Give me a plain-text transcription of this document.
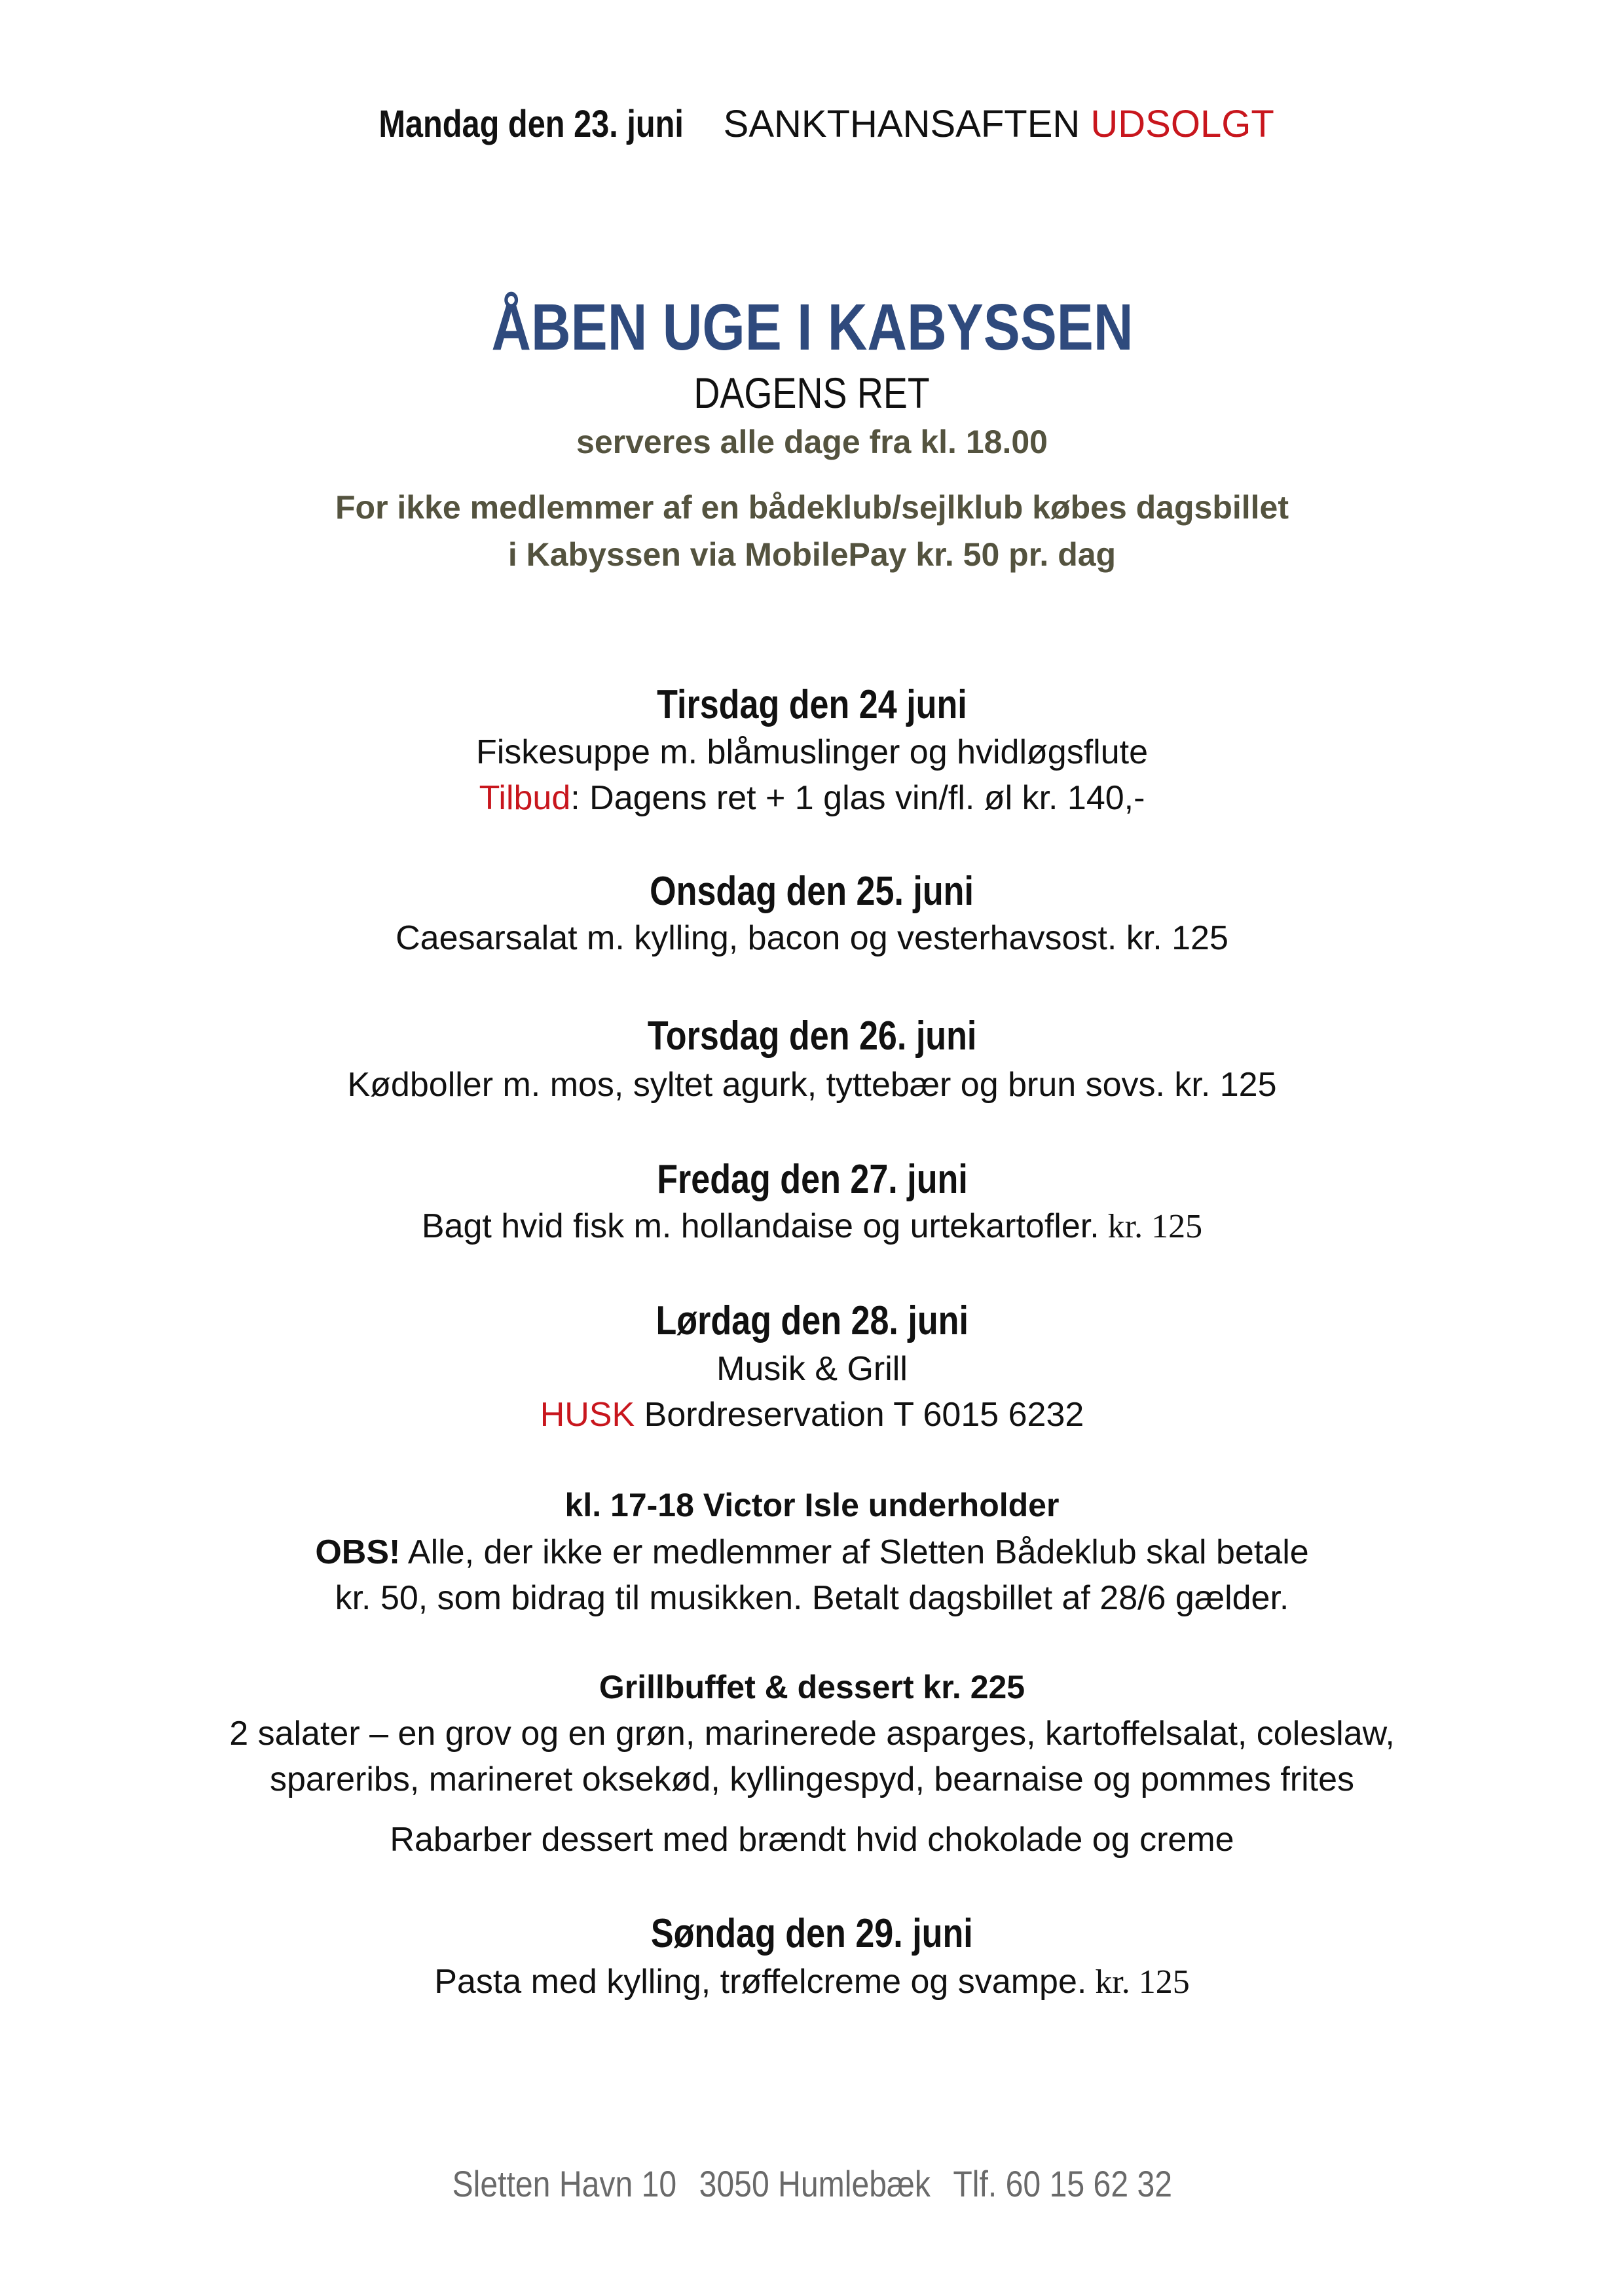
Mandag den 23. juni SANKTHANSAFTEN UDSOLGT
ÅBEN UGE I KABYSSEN
DAGENS RET
serveres alle dage fra kl. 18.00
For ikke medlemmer af en bådeklub/sejlklub købes dagsbillet
i Kabyssen via MobilePay kr. 50 pr. dag
Tirsdag den 24 juni
Fiskesuppe m. blåmuslinger og hvidløgsflute
Tilbud: Dagens ret + 1 glas vin/fl. øl kr. 140,-
Onsdag den 25. juni
Caesarsalat m. kylling, bacon og vesterhavsost. kr. 125
Torsdag den 26. juni
Kødboller m. mos, syltet agurk, tyttebær og brun sovs. kr. 125
Fredag den 27. juni
Bagt hvid fisk m. hollandaise og urtekartofler. kr. 125
Lørdag den 28. juni
Musik & Grill
HUSK Bordreservation T 6015 6232
kl. 17-18 Victor Isle underholder
OBS! Alle, der ikke er medlemmer af Sletten Bådeklub skal betale
kr. 50, som bidrag til musikken. Betalt dagsbillet af 28/6 gælder.
Grillbuffet & dessert kr. 225
2 salater – en grov og en grøn, marinerede asparges, kartoffelsalat, coleslaw,
spareribs, marineret oksekød, kyllingespyd, bearnaise og pommes frites
Rabarber dessert med brændt hvid chokolade og creme
Søndag den 29. juni
Pasta med kylling, trøffelcreme og svampe. kr. 125
Sletten Havn 10 3050 Humlebæk Tlf. 60 15 62 32
